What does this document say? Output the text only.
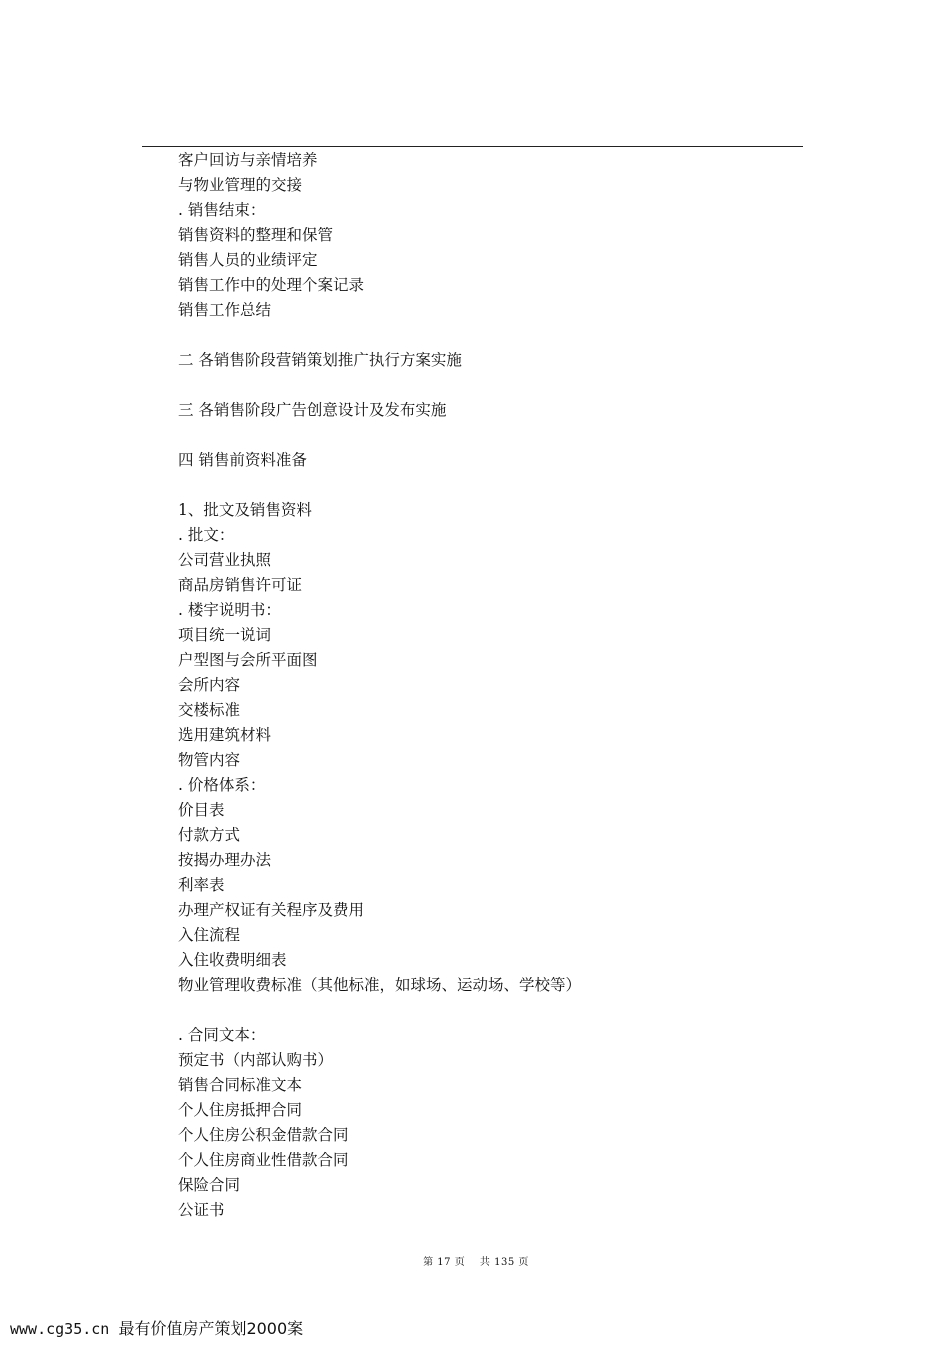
客户回访与亲情培养
与物业管理的交接
. 销售结束：
销售资料的整理和保管
销售人员的业绩评定
销售工作中的处理个案记录
销售工作总结
二 各销售阶段营销策划推广执行方案实施
三 各销售阶段广告创意设计及发布实施
四 销售前资料准备
1、批文及销售资料
. 批文：
公司营业执照
商品房销售许可证
. 楼宇说明书：
项目统一说词
户型图与会所平面图
会所内容
交楼标准
选用建筑材料
物管内容
. 价格体系：
价目表
付款方式
按揭办理办法
利率表
办理产权证有关程序及费用
入住流程
入住收费明细表
物业管理收费标准（其他标准，如球场、运动场、学校等）
. 合同文本：
预定书（内部认购书）
销售合同标准文本
个人住房抵押合同
个人住房公积金借款合同
个人住房商业性借款合同
保险合同
公证书
第 17 页    共 135 页
www.cg35.cn 最有价值房产策划2000案
